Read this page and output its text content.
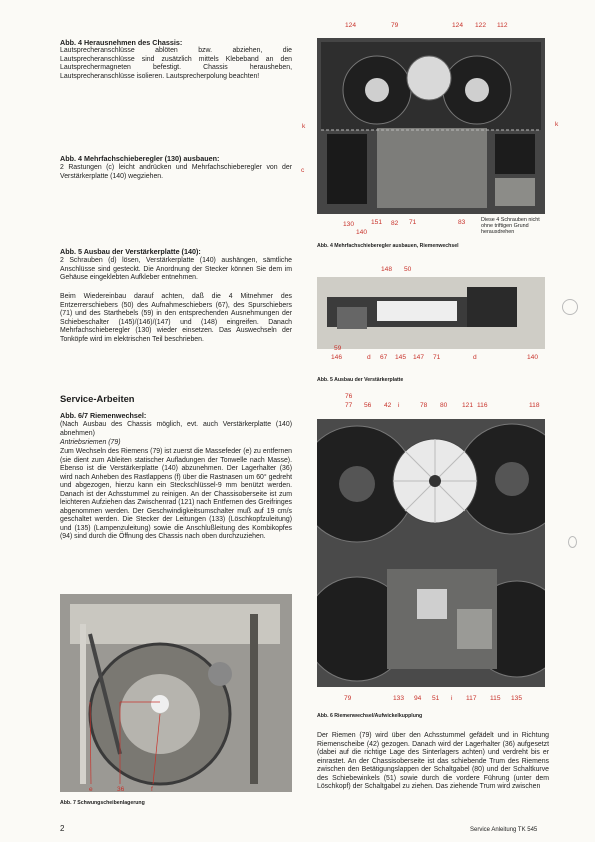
Abb. 4 Herausnehmen des Chassis:
Lautsprecheranschlüsse ablöten bzw. abziehen, die Lautsprecheranschlüsse sind zusätzlich mittels Klebeband an den Lautsprechermagneten befestigt. Chassis herausheben, Lautsprecheranschlüsse isolieren. Lautsprecherpolung beachten!
Abb. 4 Mehrfachschieberegler (130) ausbauen:
2 Rastungen (c) leicht andrücken und Mehrfachschieberegler von der Verstärkerplatte (140) wegziehen.
Abb. 5 Ausbau der Verstärkerplatte (140):
2 Schrauben (d) lösen, Verstärkerplatte (140) aushängen, sämtliche Anschlüsse sind gesteckt. Die Anordnung der Stecker können Sie dem im Gehäuse eingeklebten Aufkleber entnehmen.
Beim Wiedereinbau darauf achten, daß die 4 Mitnehmer des Entzerrerschiebers (50) des Aufnahmeschiebers (67), des Spurschiebers (71) und des Starthebels (59) in den entsprechenden Ausnehmungen der Schiebeschalter (145)/(146)/(147) und (148) eingreifen. Danach Mehrfachschieberegler (130) wieder einsetzen. Das Auswechseln der Tonköpfe wird im elektrischen Teil beschrieben.
Service-Arbeiten
Abb. 6/7 Riemenwechsel:
(Nach Ausbau des Chassis möglich, evt. auch Verstärkerplatte (140) abnehmen)
Antriebsriemen (79)
Zum Wechseln des Riemens (79) ist zuerst die Massefeder (e) zu entfernen (sie dient zum Ableiten statischer Aufladungen der Tonwelle nach Masse). Ebenso ist die Verstärkerplatte (140) abzunehmen. Der Lagerhalter (36) wird nach Anheben des Rastlappens (f) über die Rastnasen um 60° gedreht und abgezogen, hierzu kann ein Steckschlüssel-9 mm benützt werden. Danach ist der Achsstummel zu reinigen. An der Chassisoberseite ist zum leichteren Aufziehen das Zwischenrad (121) nach Entfernen des Greifringes abgenommen werden. Der Geschwindigkeitsumschalter muß auf 19 cm/s geschaltet werden. Die Stecker der Leitungen (133) (Löschkopfzuleitung) und (135) (Lampenzuleitung) sowie die Anschlußleitung des Kombikopfes (94) sind durch die Öffnung des Chassis nach oben durchzuziehen.
e	36	f
Abb. 7 Schwungscheibenlagerung
2
124	79	124 122 112
k	k
c
130	151 82 71	83
140
Diese 4 Schrauben nicht ohne triftigen Grund herausdrehen
Abb. 4 Mehrfachschieberegler ausbauen, Riemenwechsel
148 50
59
146	d 67 145 147 71	d	140
Abb. 5 Ausbau der Verstärkerplatte
76
77 56 42 i	78 80 121 116	118
79	133 94 51 i 117 115 135
Abb. 6 Riemenwechsel/Aufwickelkupplung
Der Riemen (79) wird über den Achsstummel gefädelt und in Richtung Riemenscheibe (42) gezogen. Danach wird der Lagerhalter (36) aufgesetzt (dabei auf die richtige Lage des Sinterlagers achten) und verdreht bis er einrastet. An der Chassisoberseite ist das schiebende Trum des Riemens zwischen den Betätigungslappen der Schaltgabel (80) und der Schaltkurve des Schiebewinkels (51) sowie durch die vordere Führung (unter dem Löschkopf) der Schaltgabel zu ziehen. Das ziehende Trum wird zwischen
Service Anleitung TK 545
